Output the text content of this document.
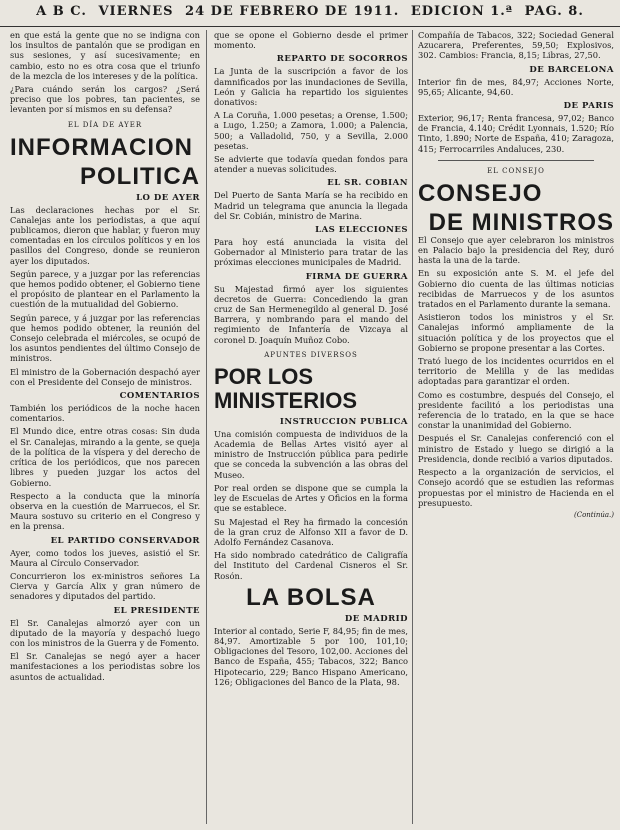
A B C. VIERNES 24 DE FEBRERO DE 1911. EDICION 1.ª PAG. 8.

en que está la gente que no se indigna con los insultos de pantalón que se prodigan en sus sesiones, y así sucesivamente; en cambio, esto no es otra cosa que el triunfo de la mezcla de los intereses y de la política.

¿Para cuándo serán los cargos? ¿Será preciso que los pobres, tan pacientes, se levanten por sí mismos en su defensa?

EL DÍA DE AYER
INFORMACION
POLITICA
LO DE AYER

Las declaraciones hechas por el Sr. Canalejas ante los periodistas, a que aquí publicamos, dieron que hablar, y fueron muy comentadas en los círculos políticos y en los pasillos del Congreso, donde se reunieron ayer los diputados.

Según parece, y a juzgar por las referencias que hemos podido obtener, el Gobierno tiene el propósito de plantear en el Parlamento la cuestión de la mutualidad del Gobierno.

Según parece, y á juzgar por las referencias que hemos podido obtener, la reunión del Consejo celebrada el miércoles, se ocupó de los asuntos pendientes del último Consejo de ministros.

El ministro de la Gobernación despachó ayer con el Presidente del Consejo de ministros.

COMENTARIOS

También los periódicos de la noche hacen comentarios.

El Mundo dice, entre otras cosas: Sin duda el Sr. Canalejas, mirando a la gente, se queja de la política de la víspera y del derecho de crítica de los periódicos, que nos parecen libres y pueden juzgar los actos del Gobierno.

Respecto a la conducta que la minoría observa en la cuestión de Marruecos, el Sr. Maura sostuvo su criterio en el Congreso y en la prensa.

EL PARTIDO CONSERVADOR

Ayer, como todos los jueves, asistió el Sr. Maura al Círculo Conservador.

Concurrieron los ex-ministros señores La Cierva y García Alix y gran número de senadores y diputados del partido.

EL PRESIDENTE

El Sr. Canalejas almorzó ayer con un diputado de la mayoría y despachó luego con los ministros de la Guerra y de Fomento.

El Sr. Canalejas se negó ayer a hacer manifestaciones a los periodistas sobre los asuntos de actualidad.

que se opone el Gobierno desde el primer momento.

REPARTO DE SOCORROS

La Junta de la suscripción a favor de los damnificados por las inundaciones de Sevilla, León y Galicia ha repartido los siguientes donativos:

A La Coruña, 1.000 pesetas; a Orense, 1.500; a Lugo, 1.250; a Zamora, 1.000; a Palencia, 500; a Valladolid, 750, y a Sevilla, 2.000 pesetas.

Se advierte que todavía quedan fondos para atender a nuevas solicitudes.

EL SR. COBIAN

Del Puerto de Santa María se ha recibido en Madrid un telegrama que anuncia la llegada del Sr. Cobián, ministro de Marina.

LAS ELECCIONES

Para hoy está anunciada la visita del Gobernador al Ministerio para tratar de las próximas elecciones municipales de Madrid.

FIRMA DE GUERRA

Su Majestad firmó ayer los siguientes decretos de Guerra: Concediendo la gran cruz de San Hermenegildo al general D. José Barrera, y nombrando para el mando del regimiento de Infantería de Vizcaya al coronel D. Joaquín Muñoz Cobo.

APUNTES DIVERSOS
POR LOS MINISTERIOS
INSTRUCCION PUBLICA

Una comisión compuesta de individuos de la Academia de Bellas Artes visitó ayer al ministro de Instrucción pública para pedirle que se conceda la subvención a las obras del Museo.

Por real orden se dispone que se cumpla la ley de Escuelas de Artes y Oficios en la forma que se establece.

Su Majestad el Rey ha firmado la concesión de la gran cruz de Alfonso XII a favor de D. Adolfo Fernández Casanova.

Ha sido nombrado catedrático de Caligrafía del Instituto del Cardenal Cisneros el Sr. Rosón.

LA BOLSA
DE MADRID

Interior al contado, Serie F, 84,95; fin de mes, 84,97. Amortizable 5 por 100, 101,10; Obligaciones del Tesoro, 102,00. Acciones del Banco de España, 455; Tabacos, 322; Banco Hipotecario, 229; Banco Hispano Americano, 126; Obligaciones del Banco de la Plata, 98.

Compañía de Tabacos, 322; Sociedad General Azucarera, Preferentes, 59,50; Explosivos, 302. Cambios: Francia, 8,15; Libras, 27,50.

DE BARCELONA

Interior fin de mes, 84,97; Acciones Norte, 95,65; Alicante, 94,60.

DE PARIS

Exterior, 96,17; Renta francesa, 97,02; Banco de Francia, 4.140; Crédit Lyonnais, 1.520; Río Tinto, 1.890; Norte de España, 410; Zaragoza, 415; Ferrocarriles Andaluces, 230.

EL CONSEJO
CONSEJO
DE MINISTROS

El Consejo que ayer celebraron los ministros en Palacio bajo la presidencia del Rey, duró hasta la una de la tarde.

En su exposición ante S. M. el jefe del Gobierno dio cuenta de las últimas noticias recibidas de Marruecos y de los asuntos tratados en el Parlamento durante la semana.

Asistieron todos los ministros y el Sr. Canalejas informó ampliamente de la situación política y de los proyectos que el Gobierno se propone presentar a las Cortes.

Trató luego de los incidentes ocurridos en el territorio de Melilla y de las medidas adoptadas para garantizar el orden.

Como es costumbre, después del Consejo, el presidente facilitó a los periodistas una referencia de lo tratado, en la que se hace constar la unanimidad del Gobierno.

Después el Sr. Canalejas conferenció con el ministro de Estado y luego se dirigió a la Presidencia, donde recibió a varios diputados.

Respecto a la organización de servicios, el Consejo acordó que se estudien las reformas propuestas por el ministro de Hacienda en el presupuesto.

(Continúa.)
